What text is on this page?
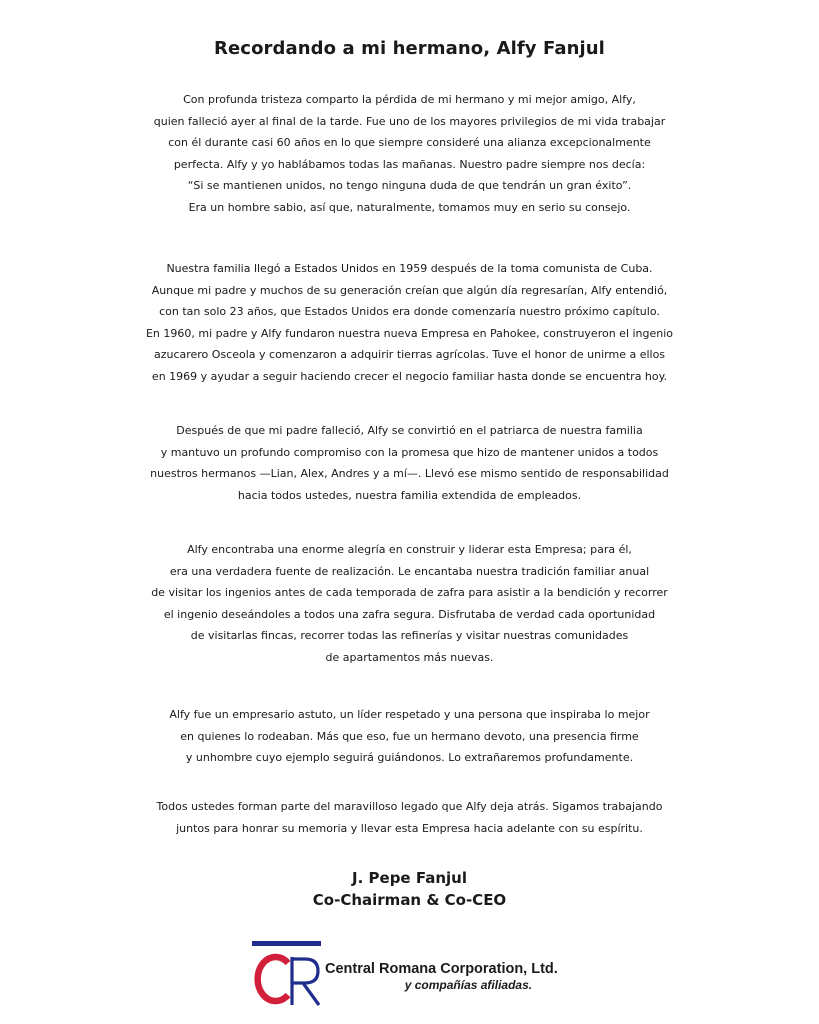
Recordando a mi hermano, Alfy Fanjul
Con profunda tristeza comparto la pérdida de mi hermano y mi mejor amigo, Alfy,
quien falleció ayer al final de la tarde. Fue uno de los mayores privilegios de mi vida trabajar
con él durante casi 60 años en lo que siempre consideré una alianza excepcionalmente
perfecta. Alfy y yo hablábamos todas las mañanas. Nuestro padre siempre nos decía:
“Si se mantienen unidos, no tengo ninguna duda de que tendrán un gran éxito”.
Era un hombre sabio, así que, naturalmente, tomamos muy en serio su consejo.
Nuestra familia llegó a Estados Unidos en 1959 después de la toma comunista de Cuba.
Aunque mi padre y muchos de su generación creían que algún día regresarían, Alfy entendió,
con tan solo 23 años, que Estados Unidos era donde comenzaría nuestro próximo capítulo.
En 1960, mi padre y Alfy fundaron nuestra nueva Empresa en Pahokee, construyeron el ingenio
azucarero Osceola y comenzaron a adquirir tierras agrícolas. Tuve el honor de unirme a ellos
en 1969 y ayudar a seguir haciendo crecer el negocio familiar hasta donde se encuentra hoy.
Después de que mi padre falleció, Alfy se convirtió en el patriarca de nuestra familia
y mantuvo un profundo compromiso con la promesa que hizo de mantener unidos a todos
nuestros hermanos —Lian, Alex, Andres y a mí—. Llevó ese mismo sentido de responsabilidad
hacia todos ustedes, nuestra familia extendida de empleados.
Alfy encontraba una enorme alegría en construir y liderar esta Empresa; para él,
era una verdadera fuente de realización. Le encantaba nuestra tradición familiar anual
de visitar los ingenios antes de cada temporada de zafra para asistir a la bendición y recorrer
el ingenio deseándoles a todos una zafra segura. Disfrutaba de verdad cada oportunidad
de visitarlas fincas, recorrer todas las refinerías y visitar nuestras comunidades
de apartamentos más nuevas.
Alfy fue un empresario astuto, un líder respetado y una persona que inspiraba lo mejor
en quienes lo rodeaban. Más que eso, fue un hermano devoto, una presencia firme
y unhombre cuyo ejemplo seguirá guiándonos. Lo extrañaremos profundamente.
Todos ustedes forman parte del maravilloso legado que Alfy deja atrás. Sigamos trabajando
juntos para honrar su memoria y llevar esta Empresa hacia adelante con su espíritu.
J. Pepe Fanjul
Co-Chairman & Co-CEO
Central Romana Corporation, Ltd.
y compañías afiliadas.
